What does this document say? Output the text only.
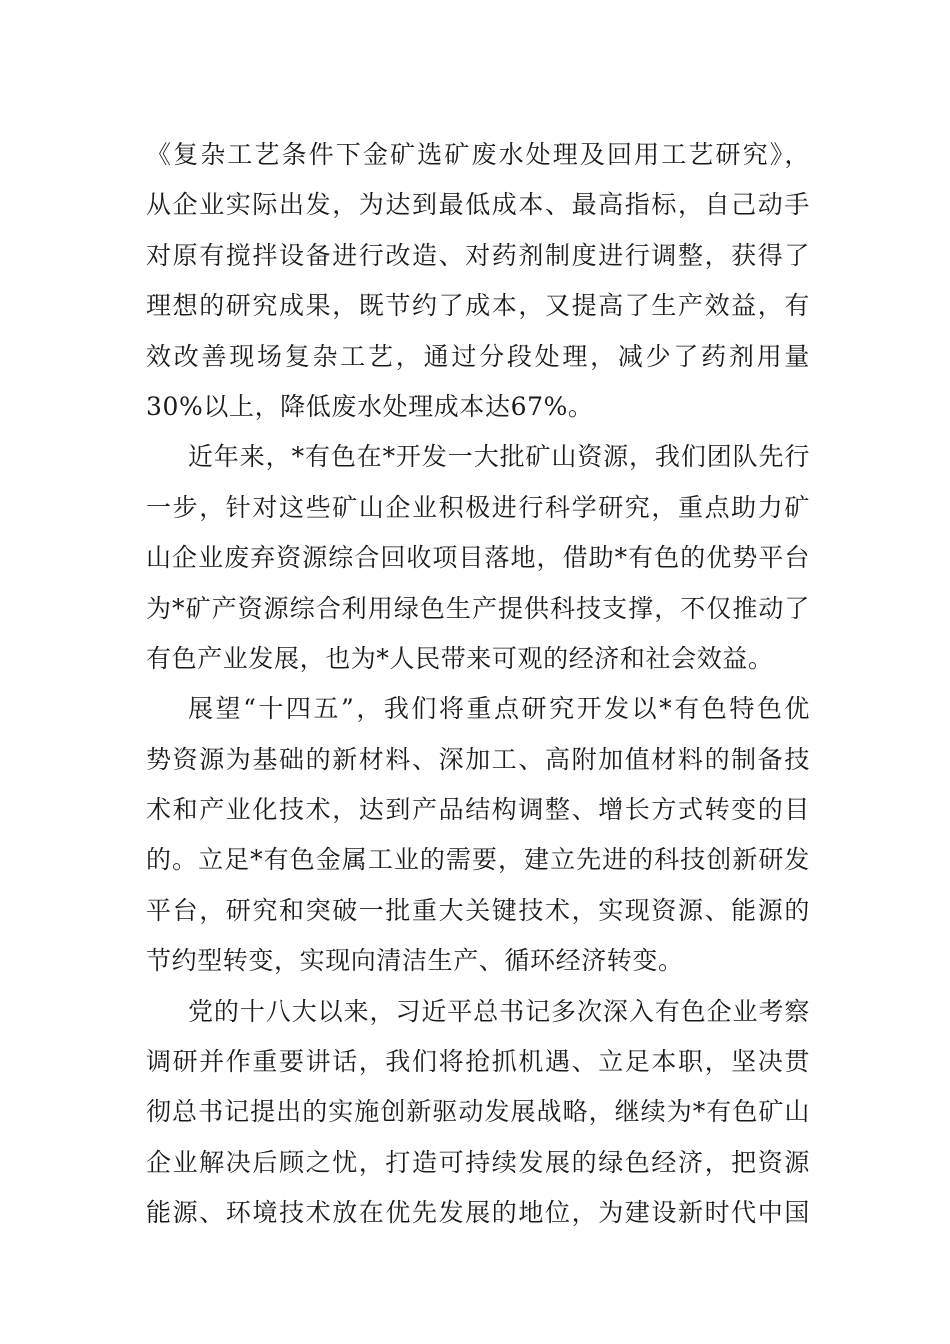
《复杂工艺条件下金矿选矿废水处理及回用工艺研究》，
从企业实际出发，为达到最低成本、最高指标，自己动手
对原有搅拌设备进行改造、对药剂制度进行调整，获得了
理想的研究成果，既节约了成本，又提高了生产效益，有
效改善现场复杂工艺，通过分段处理，减少了药剂用量
30%以上，降低废水处理成本达67%。

近年来，*有色在*开发一大批矿山资源，我们团队先行
一步，针对这些矿山企业积极进行科学研究，重点助力矿
山企业废弃资源综合回收项目落地，借助*有色的优势平台
为*矿产资源综合利用绿色生产提供科技支撑，不仅推动了
有色产业发展，也为*人民带来可观的经济和社会效益。

展望“十四五”，我们将重点研究开发以*有色特色优
势资源为基础的新材料、深加工、高附加值材料的制备技
术和产业化技术，达到产品结构调整、增长方式转变的目
的。立足*有色金属工业的需要，建立先进的科技创新研发
平台，研究和突破一批重大关键技术，实现资源、能源的
节约型转变，实现向清洁生产、循环经济转变。

党的十八大以来，习近平总书记多次深入有色企业考察
调研并作重要讲话，我们将抢抓机遇、立足本职，坚决贯
彻总书记提出的实施创新驱动发展战略，继续为*有色矿山
企业解决后顾之忧，打造可持续发展的绿色经济，把资源
能源、环境技术放在优先发展的地位，为建设新时代中国
